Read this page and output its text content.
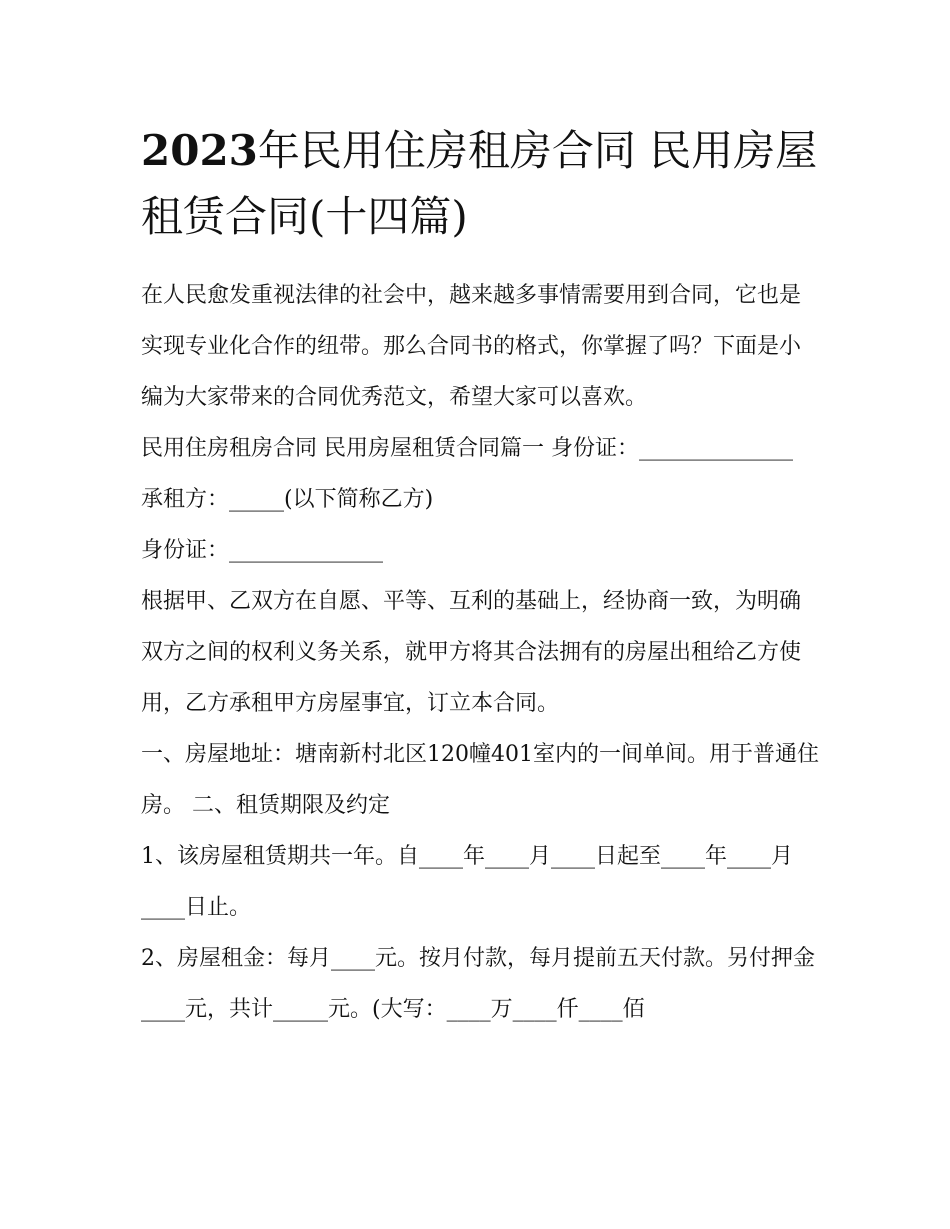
2023年民用住房租房合同 民用房屋租赁合同(十四篇)

在人民愈发重视法律的社会中，越来越多事情需要用到合同，它也是实现专业化合作的纽带。那么合同书的格式，你掌握了吗？下面是小编为大家带来的合同优秀范文，希望大家可以喜欢。

民用住房租房合同 民用房屋租赁合同篇一 身份证：______________ 承租方：_____(以下简称乙方)

身份证：______________

根据甲、乙双方在自愿、平等、互利的基础上，经协商一致，为明确双方之间的权利义务关系，就甲方将其合法拥有的房屋出租给乙方使用，乙方承租甲方房屋事宜，订立本合同。

一、房屋地址：塘南新村北区120幢401室内的一间单间。用于普通住房。 二、租赁期限及约定

1、该房屋租赁期共一年。自____年____月____日起至____年____月____日止。

2、房屋租金：每月____元。按月付款，每月提前五天付款。另付押金____元，共计_____元。(大写：____万____仟____佰
